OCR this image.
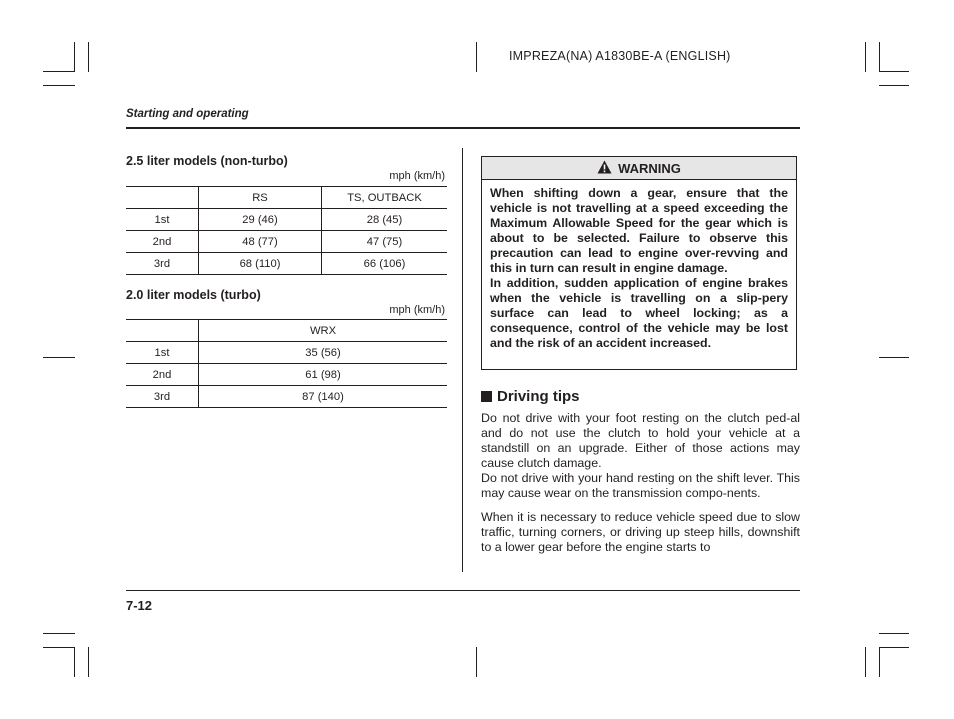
IMPREZA(NA) A1830BE-A (ENGLISH)
Starting and operating
2.5 liter models (non-turbo)
mph (km/h)
	RS	TS, OUTBACK
1st	29 (46)	28 (45)
2nd	48 (77)	47 (75)
3rd	68 (110)	66 (106)
2.0 liter models (turbo)
mph (km/h)
	WRX
1st	35 (56)
2nd	61 (98)
3rd	87 (140)
WARNING

When shifting down a gear, ensure that the vehicle is not travelling at a speed exceeding the Maximum Allowable Speed for the gear which is about to be selected. Failure to observe this precaution can lead to engine over-revving and this in turn can result in engine damage.

In addition, sudden application of engine brakes when the vehicle is travelling on a slip-pery surface can lead to wheel locking; as a consequence, control of the vehicle may be lost and the risk of an accident increased.

Driving tips

Do not drive with your foot resting on the clutch ped-al and do not use the clutch to hold your vehicle at a standstill on an upgrade. Either of those actions may cause clutch damage.

Do not drive with your hand resting on the shift lever. This may cause wear on the transmission compo-nents.

When it is necessary to reduce vehicle speed due to slow traffic, turning corners, or driving up steep hills, downshift to a lower gear before the engine starts to

7-12
